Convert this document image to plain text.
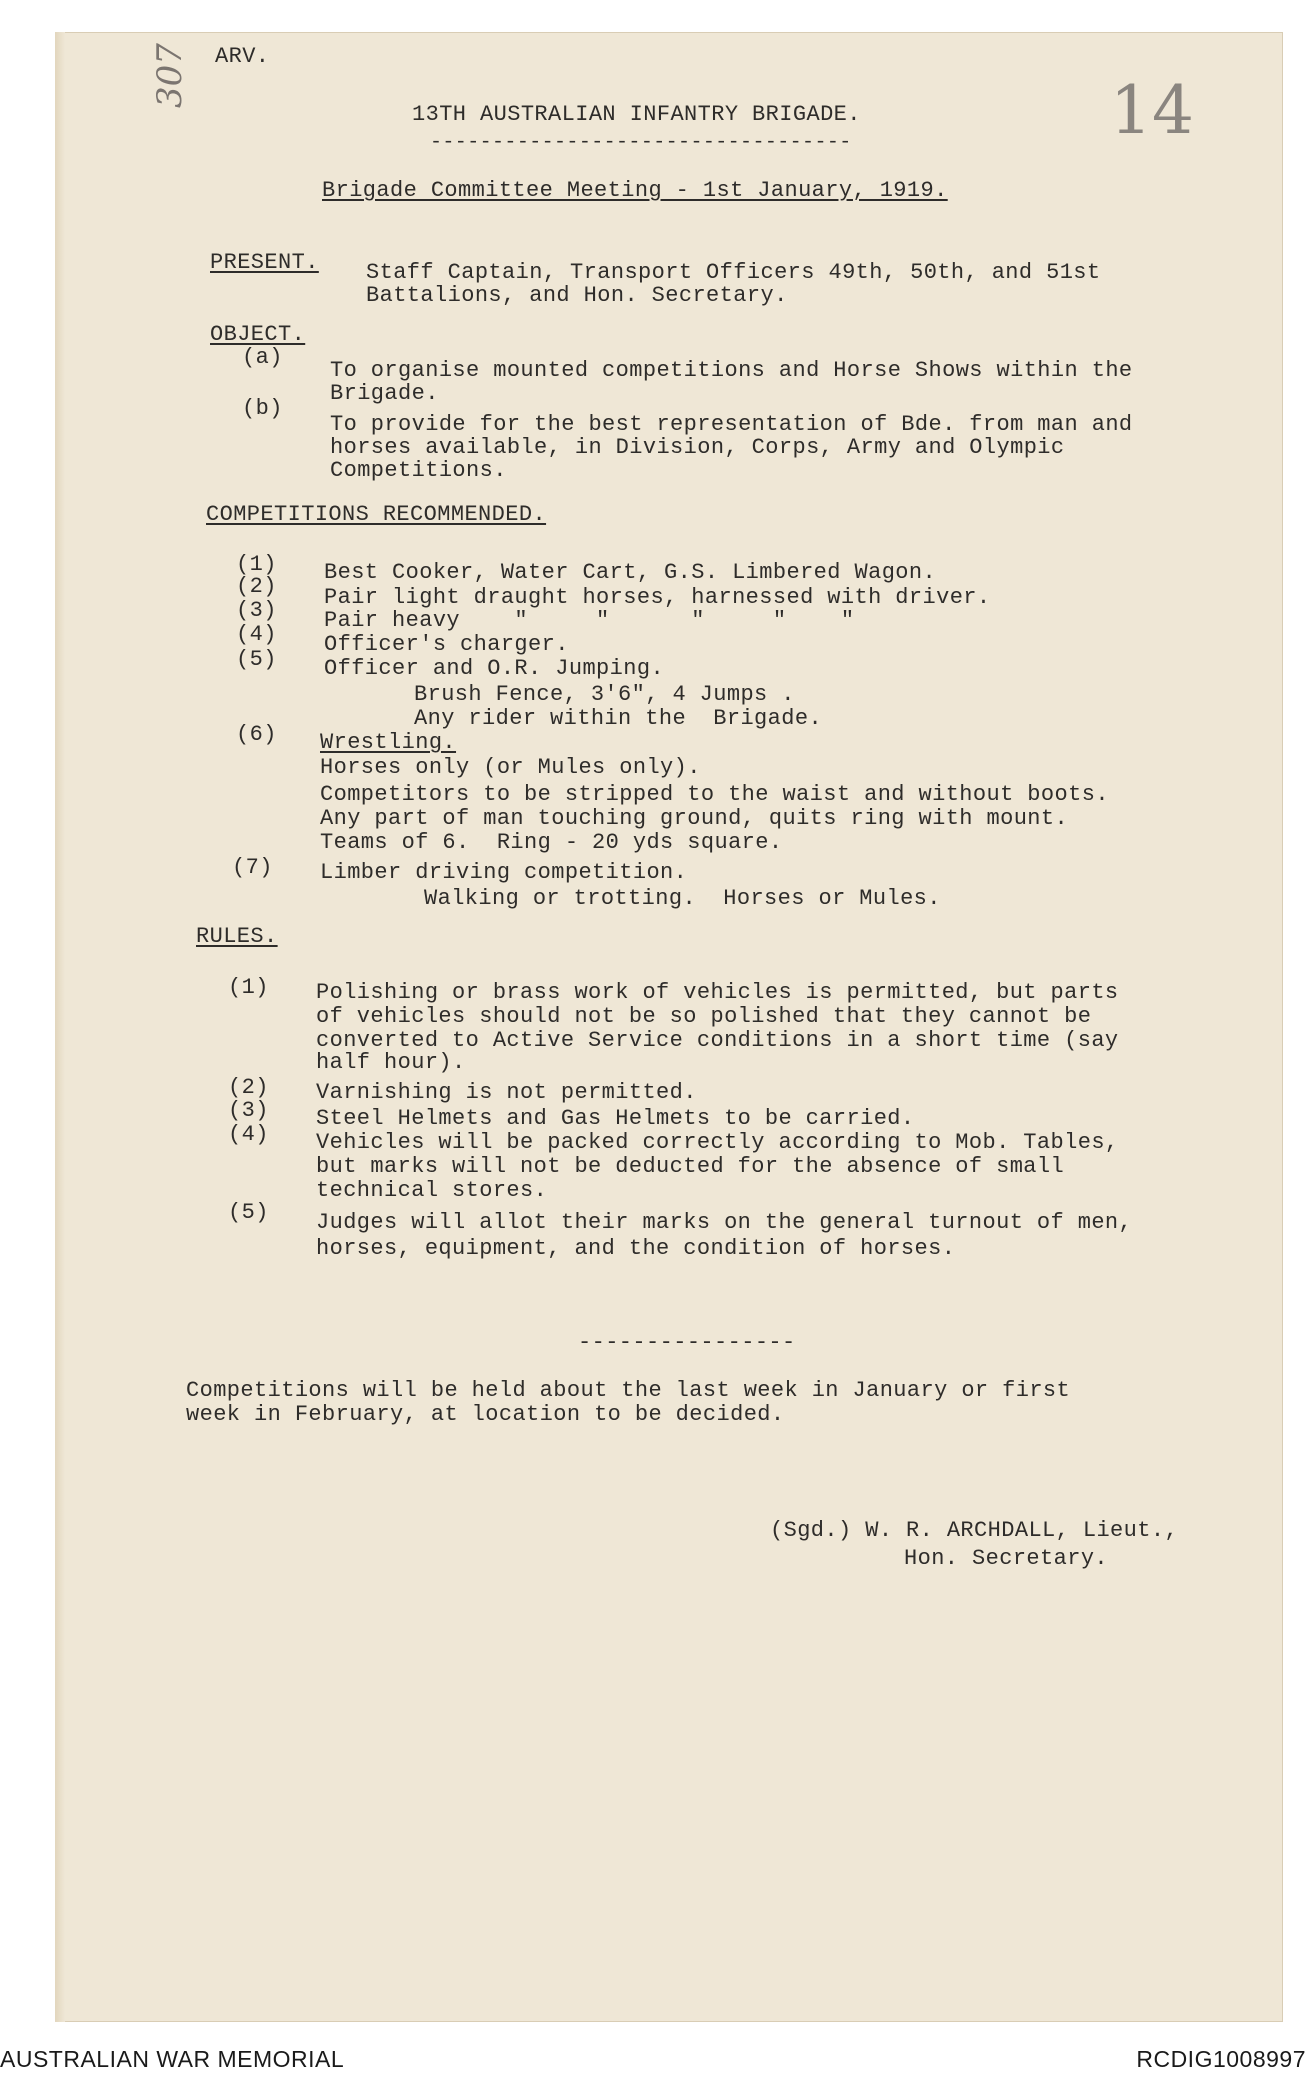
ARV.
307	14
13TH AUSTRALIAN INFANTRY BRIGADE.
----------------------------------
Brigade Committee Meeting - 1st January, 1919.
PRESENT. Staff Captain, Transport Officers 49th, 50th, and 51st
Battalions, and Hon. Secretary.
OBJECT.
(a)
To organise mounted competitions and Horse Shows within the
Brigade.
(b)
To provide for the best representation of Bde. from man and
horses available, in Division, Corps, Army and Olympic
Competitions.
COMPETITIONS RECOMMENDED.
(1) Best Cooker, Water Cart, G.S. Limbered Wagon.
(2) Pair light draught horses, harnessed with driver.
(3) Pair heavy    "     "      "     "    "
(4) Officer's charger.
(5) Officer and O.R. Jumping.
Brush Fence, 3'6", 4 Jumps .
Any rider within the  Brigade.
(6) Wrestling.
Horses only (or Mules only).
Competitors to be stripped to the waist and without boots.
Any part of man touching ground, quits ring with mount.
Teams of 6.  Ring - 20 yds square.
(7) Limber driving competition.
Walking or trotting.  Horses or Mules.
RULES.
(1) Polishing or brass work of vehicles is permitted, but parts
of vehicles should not be so polished that they cannot be
converted to Active Service conditions in a short time (say
half hour).
(2) Varnishing is not permitted.
(3) Steel Helmets and Gas Helmets to be carried.
(4) Vehicles will be packed correctly according to Mob. Tables,
but marks will not be deducted for the absence of small
technical stores.
(5) Judges will allot their marks on the general turnout of men,
horses, equipment, and the condition of horses.
----------------
Competitions will be held about the last week in January or first
week in February, at location to be decided.
(Sgd.) W. R. ARCHDALL, Lieut.,
Hon. Secretary.
AUSTRALIAN WAR MEMORIAL	RCDIG1008997
